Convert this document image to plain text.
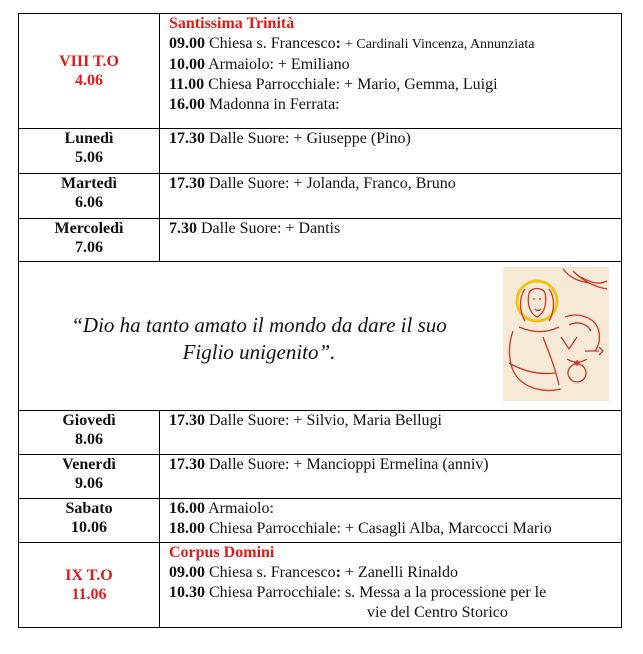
VIII T.O
4.06	Santissima Trinità
09.00 Chiesa s. Francesco: + Cardinali Vincenza, Annunziata
10.00 Armaiolo: + Emiliano
11.00 Chiesa Parrocchiale: + Mario, Gemma, Luigi
16.00 Madonna in Ferrata:

Lunedì
5.06	17.30 Dalle Suore: + Giuseppe (Pino)

Martedì
6.06	17.30 Dalle Suore: + Jolanda, Franco, Bruno

Mercoledì
7.06	7.30 Dalle Suore: + Dantis

“Dio ha tanto amato il mondo da dare il suo
Figlio unigenito”.	

Giovedì
8.06	17.30 Dalle Suore: + Silvio, Maria Bellugi

Venerdì
9.06	17.30 Dalle Suore: + Mancioppi Ermelina (anniv)

Sabato
10.06	16.00 Armaiolo:
18.00 Chiesa Parrocchiale: + Casagli Alba, Marcocci Mario

IX T.O
11.06	Corpus Domini
09.00 Chiesa s. Francesco: + Zanelli Rinaldo
10.30 Chiesa Parrocchiale: s. Messa a la processione per le
vie del Centro Storico
